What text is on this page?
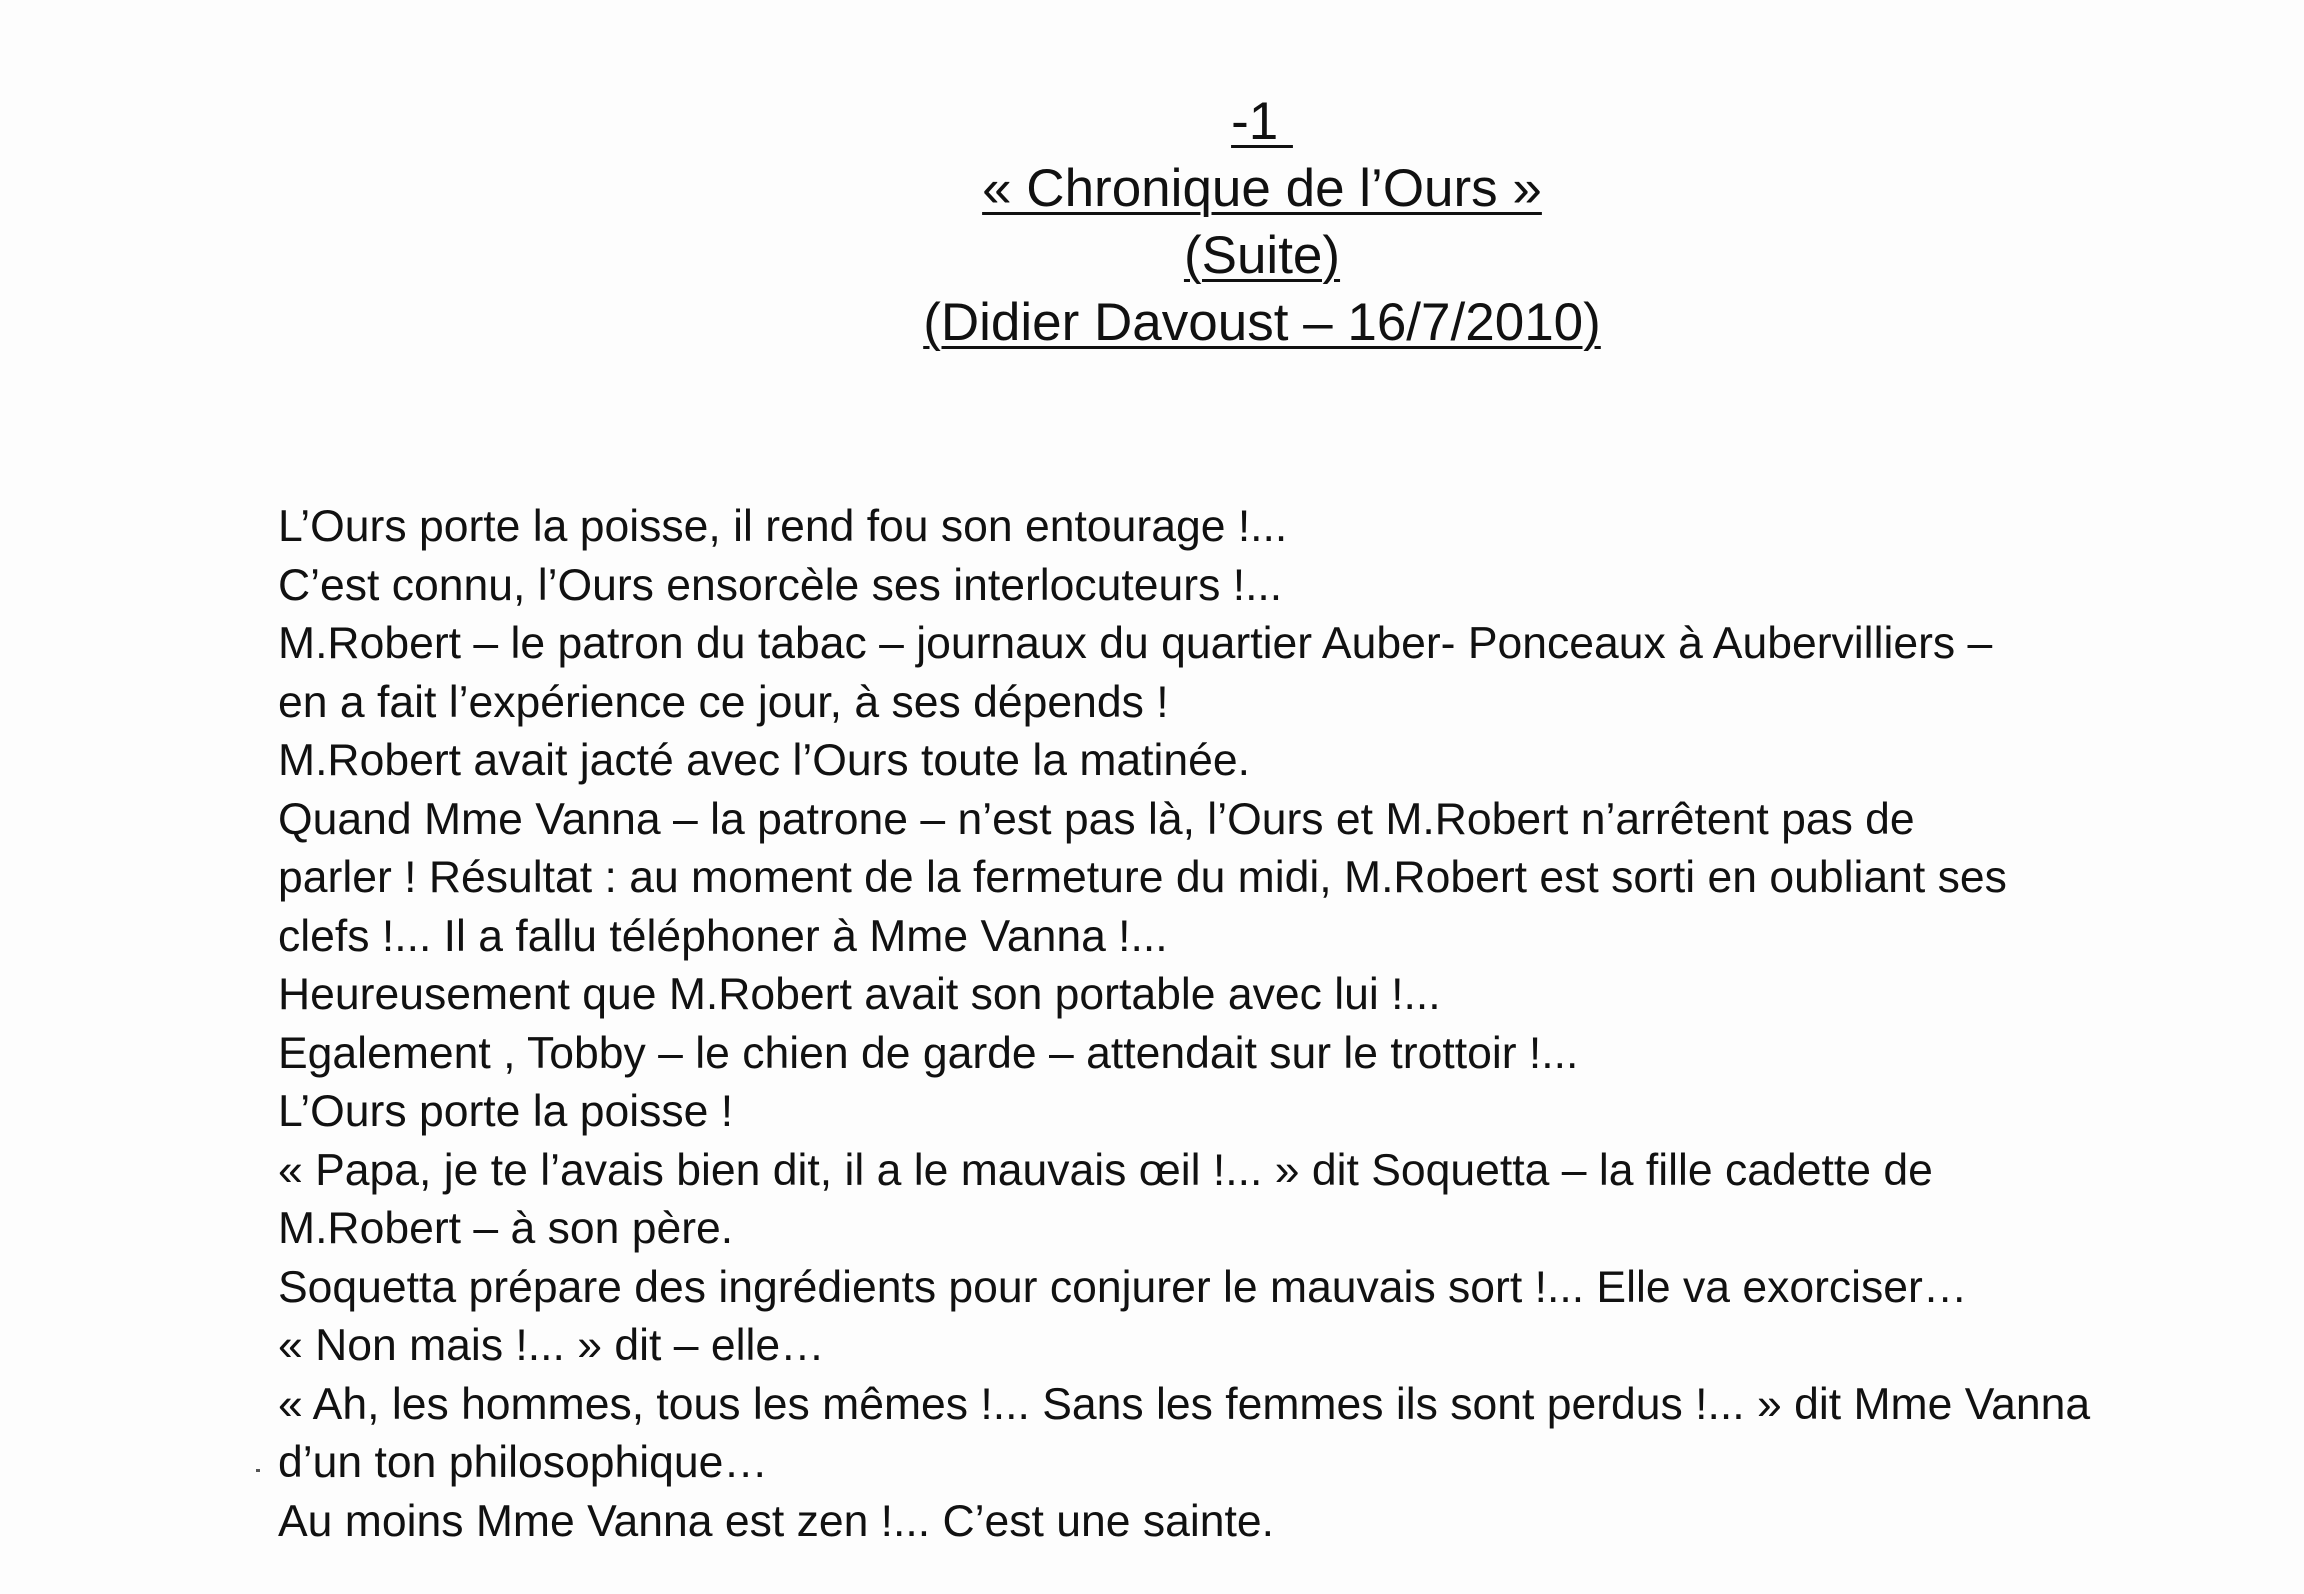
-1
« Chronique de l’Ours »
(Suite)
(Didier Davoust – 16/7/2010)
L’Ours porte la poisse, il rend fou son entourage !...
C’est connu, l’Ours ensorcèle ses interlocuteurs !...
M.Robert – le patron du tabac – journaux du quartier Auber- Ponceaux à Aubervilliers –
en a fait l’expérience ce jour, à ses dépends !
M.Robert avait jacté avec l’Ours toute la matinée.
Quand Mme Vanna – la patrone – n’est pas là, l’Ours et M.Robert n’arrêtent pas de
parler ! Résultat : au moment de la fermeture du midi, M.Robert est sorti en oubliant ses
clefs !... Il a fallu téléphoner à Mme Vanna !...
Heureusement que M.Robert avait son portable avec lui !...
Egalement , Tobby – le chien de garde – attendait sur le trottoir !...
L’Ours porte la poisse !
« Papa, je te l’avais bien dit, il a le mauvais œil !... » dit Soquetta – la fille cadette de
M.Robert – à son père.
Soquetta prépare des ingrédients pour conjurer le mauvais sort !... Elle va exorciser…
« Non mais !... » dit – elle…
« Ah, les hommes, tous les mêmes !... Sans les femmes ils sont perdus !... » dit Mme Vanna
d’un ton philosophique…
Au moins Mme Vanna est zen !... C’est une sainte.
